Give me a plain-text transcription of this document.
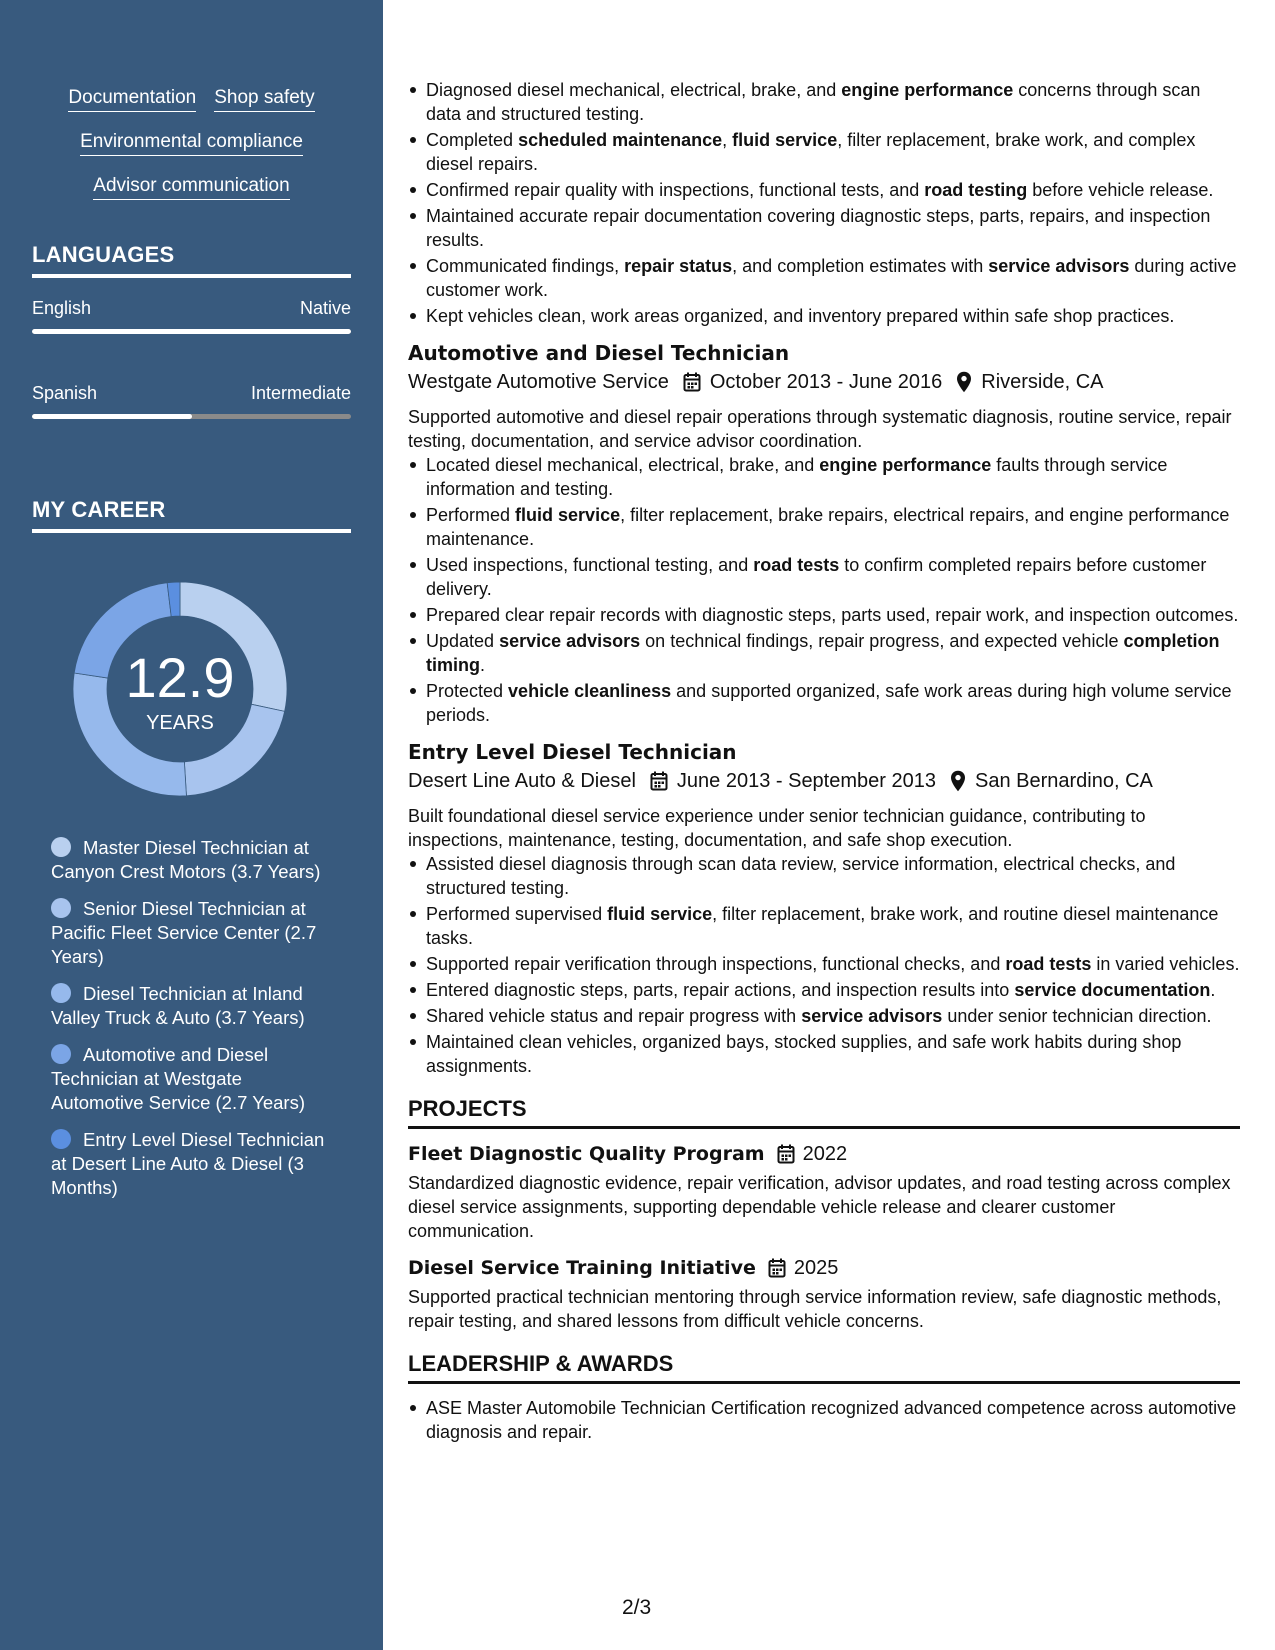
Documentation Shop safety
Environmental compliance
Advisor communication
LANGUAGES
English	Native
Spanish	Intermediate
MY CAREER
12.9
YEARS
Master Diesel Technician at Canyon Crest Motors (3.7 Years)
Senior Diesel Technician at Pacific Fleet Service Center (2.7 Years)
Diesel Technician at Inland Valley Truck & Auto (3.7 Years)
Automotive and Diesel Technician at Westgate Automotive Service (2.7 Years)
Entry Level Diesel Technician at Desert Line Auto & Diesel (3 Months)
Diagnosed diesel mechanical, electrical, brake, and engine performance concerns through scan data and structured testing.
Completed scheduled maintenance, fluid service, filter replacement, brake work, and complex diesel repairs.
Confirmed repair quality with inspections, functional tests, and road testing before vehicle release.
Maintained accurate repair documentation covering diagnostic steps, parts, repairs, and inspection results.
Communicated findings, repair status, and completion estimates with service advisors during active customer work.
Kept vehicles clean, work areas organized, and inventory prepared within safe shop practices.
Automotive and Diesel Technician
Westgate Automotive Service October 2013 - June 2016 Riverside, CA
Supported automotive and diesel repair operations through systematic diagnosis, routine service, repair testing, documentation, and service advisor coordination.
Located diesel mechanical, electrical, brake, and engine performance faults through service information and testing.
Performed fluid service, filter replacement, brake repairs, electrical repairs, and engine performance maintenance.
Used inspections, functional testing, and road tests to confirm completed repairs before customer delivery.
Prepared clear repair records with diagnostic steps, parts used, repair work, and inspection outcomes.
Updated service advisors on technical findings, repair progress, and expected vehicle completion timing.
Protected vehicle cleanliness and supported organized, safe work areas during high volume service periods.
Entry Level Diesel Technician
Desert Line Auto & Diesel June 2013 - September 2013 San Bernardino, CA
Built foundational diesel service experience under senior technician guidance, contributing to inspections, maintenance, testing, documentation, and safe shop execution.
Assisted diesel diagnosis through scan data review, service information, electrical checks, and structured testing.
Performed supervised fluid service, filter replacement, brake work, and routine diesel maintenance tasks.
Supported repair verification through inspections, functional checks, and road tests in varied vehicles.
Entered diagnostic steps, parts, repair actions, and inspection results into service documentation.
Shared vehicle status and repair progress with service advisors under senior technician direction.
Maintained clean vehicles, organized bays, stocked supplies, and safe work habits during shop assignments.
PROJECTS
Fleet Diagnostic Quality Program 2022
Standardized diagnostic evidence, repair verification, advisor updates, and road testing across complex diesel service assignments, supporting dependable vehicle release and clearer customer communication.
Diesel Service Training Initiative 2025
Supported practical technician mentoring through service information review, safe diagnostic methods, repair testing, and shared lessons from difficult vehicle concerns.
LEADERSHIP & AWARDS
ASE Master Automobile Technician Certification recognized advanced competence across automotive diagnosis and repair.
2/3
